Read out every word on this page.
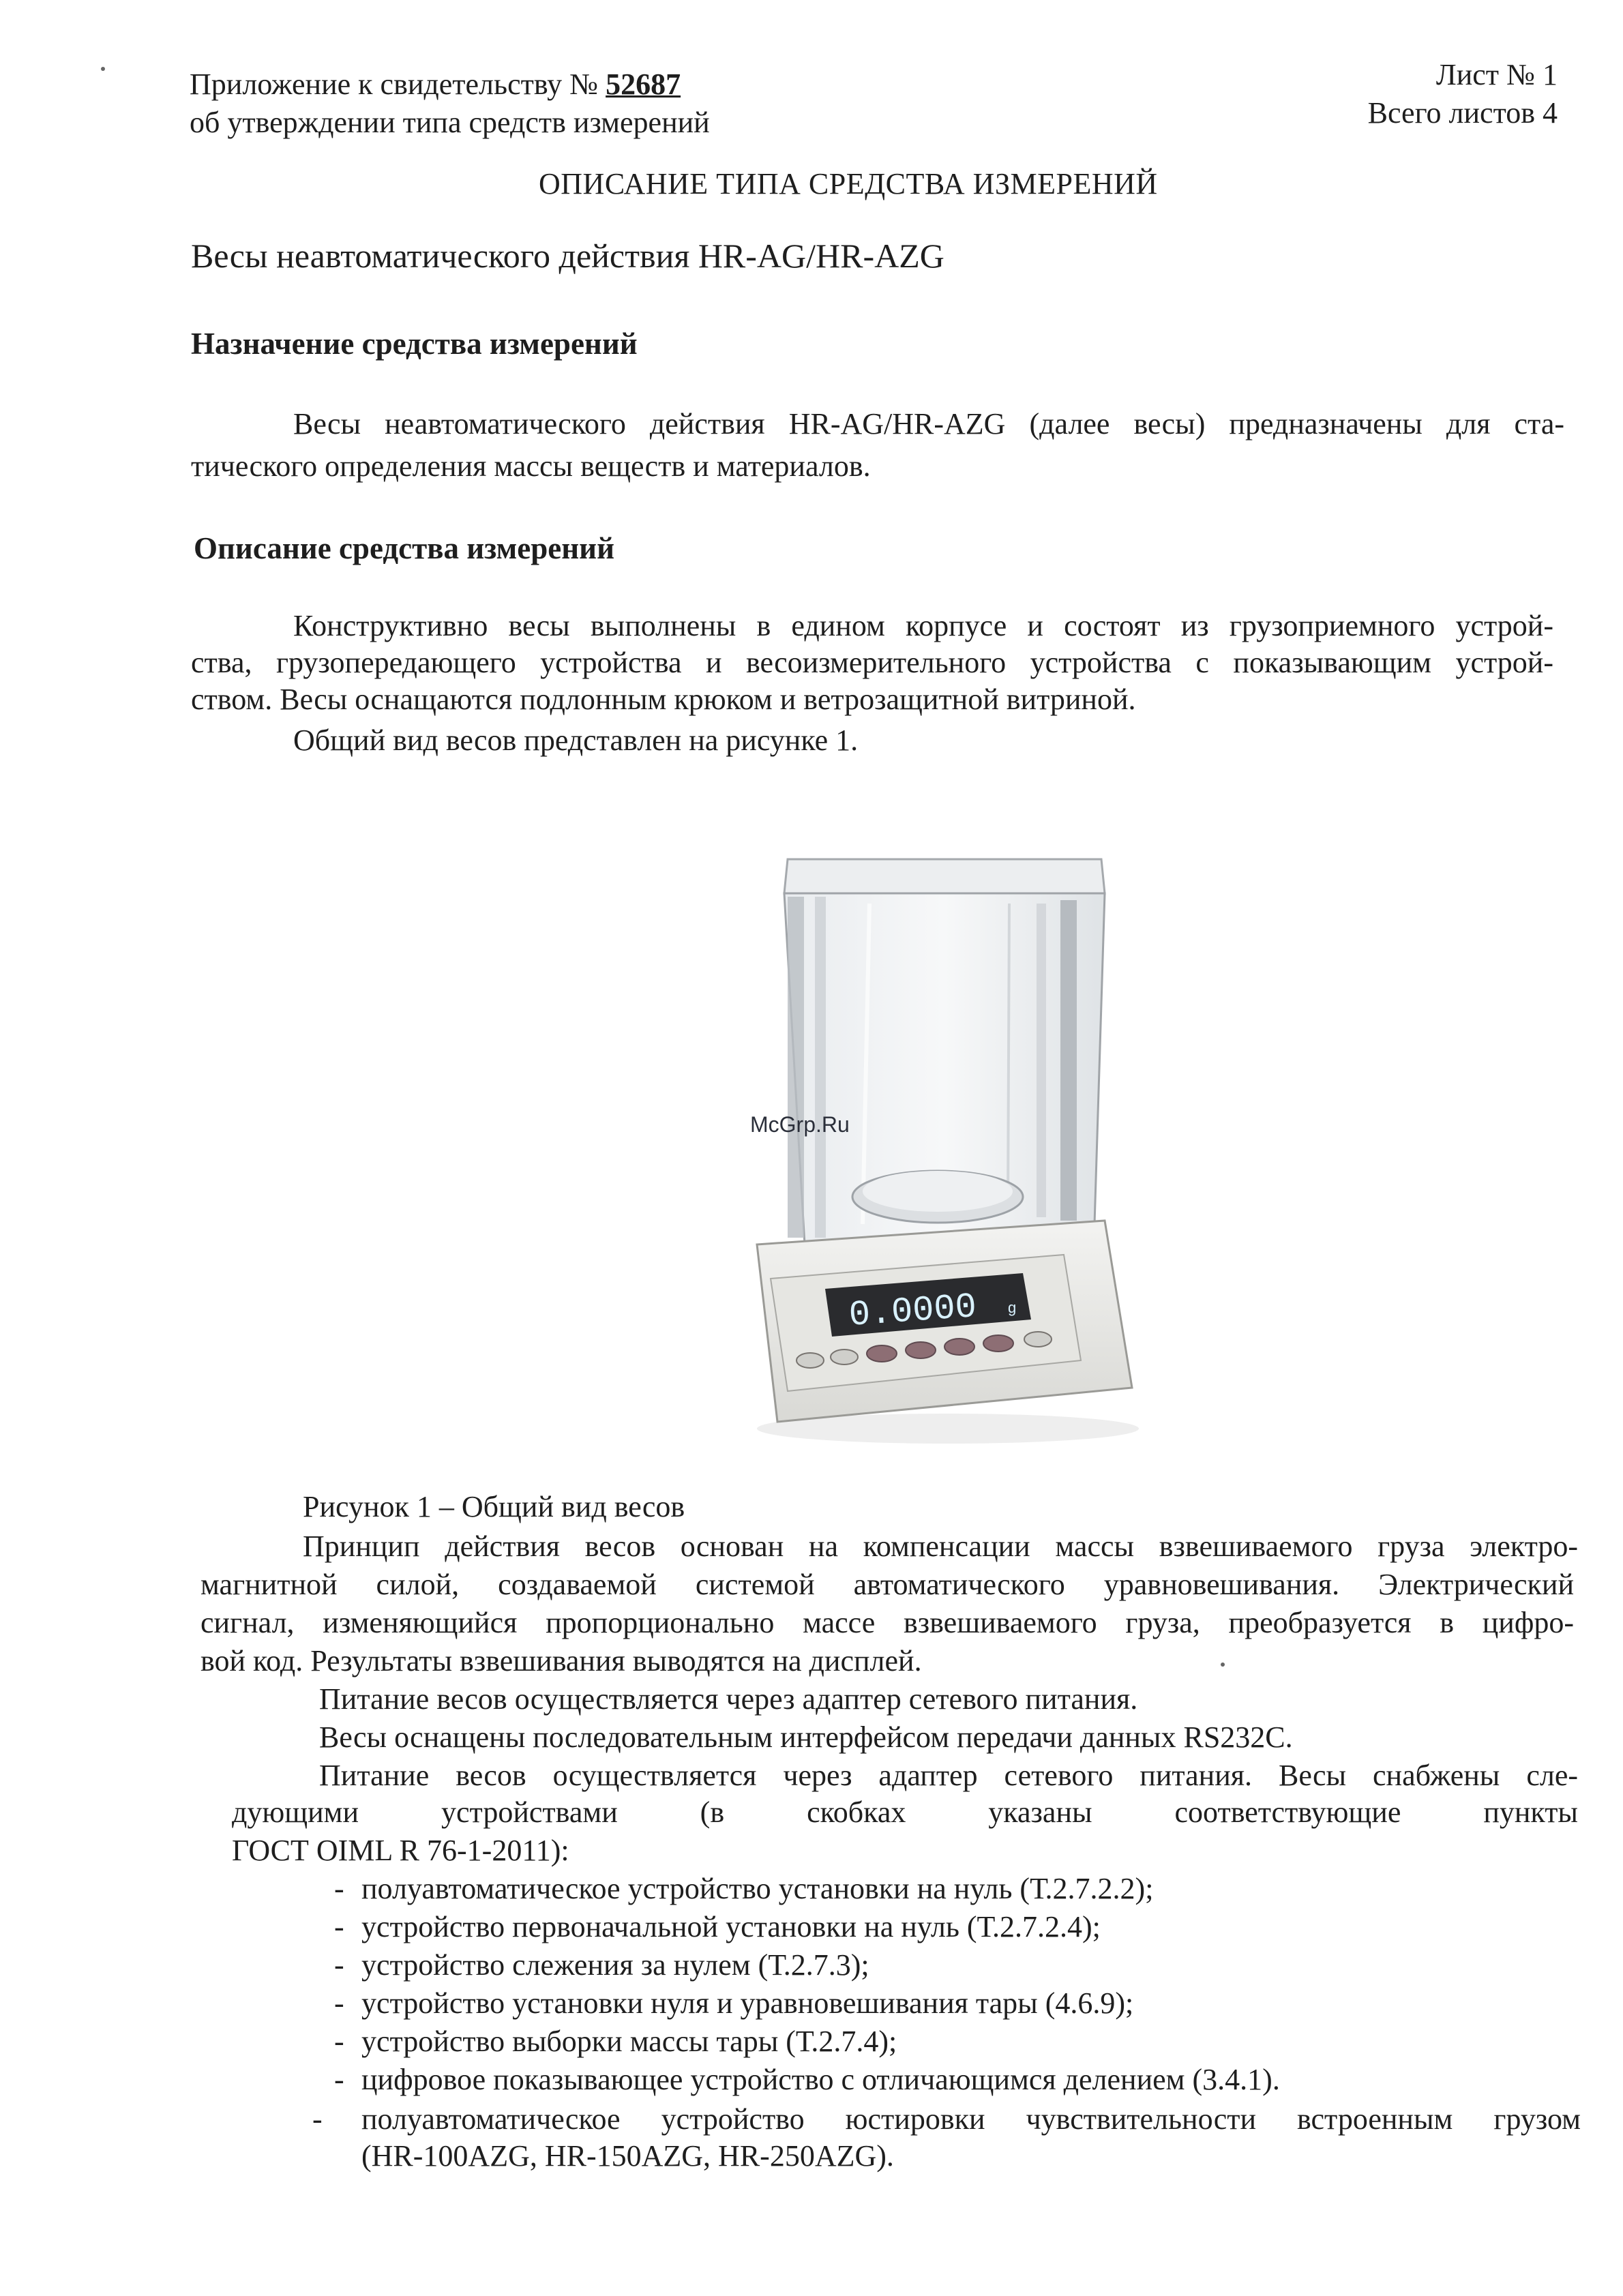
Приложение к свидетельству № 52687
об утверждении типа средств измерений
Лист № 1
Всего листов 4
ОПИСАНИЕ ТИПА СРЕДСТВА ИЗМЕРЕНИЙ
Весы неавтоматического действия HR-AG/HR-AZG
Назначение средства измерений
Весы неавтоматического действия HR-AG/HR-AZG (далее весы) предназначены для ста-
тического определения массы веществ и материалов.
Описание средства измерений
Конструктивно весы выполнены в едином корпусе и состоят из грузоприемного устрой-
ства, грузопередающего устройства и весоизмерительного устройства с показывающим устрой-
ством. Весы оснащаются подлонным крюком и ветрозащитной витриной.
Общий вид весов представлен на рисунке 1.
0.0000 g
McGrp.Ru
Рисунок 1 – Общий вид весов
Принцип действия весов основан на компенсации массы взвешиваемого груза электро-
магнитной силой, создаваемой системой автоматического уравновешивания. Электрический
сигнал, изменяющийся пропорционально массе взвешиваемого груза, преобразуется в цифро-
вой код. Результаты взвешивания выводятся на дисплей.
Питание весов осуществляется через адаптер сетевого питания.
Весы оснащены последовательным интерфейсом передачи данных RS232C.
Питание весов осуществляется через адаптер сетевого питания. Весы снабжены сле-
дующими устройствами (в скобках указаны соответствующие пункты
ГОСТ OIML R 76-1-2011):
- полуавтоматическое устройство установки на нуль (Т.2.7.2.2);
- устройство первоначальной установки на нуль (Т.2.7.2.4);
- устройство слежения за нулем (Т.2.7.3);
- устройство установки нуля и уравновешивания тары (4.6.9);
- устройство выборки массы тары (Т.2.7.4);
- цифровое показывающее устройство с отличающимся делением (3.4.1).
- полуавтоматическое устройство юстировки чувствительности встроенным грузом
(HR-100AZG, HR-150AZG, HR-250AZG).
